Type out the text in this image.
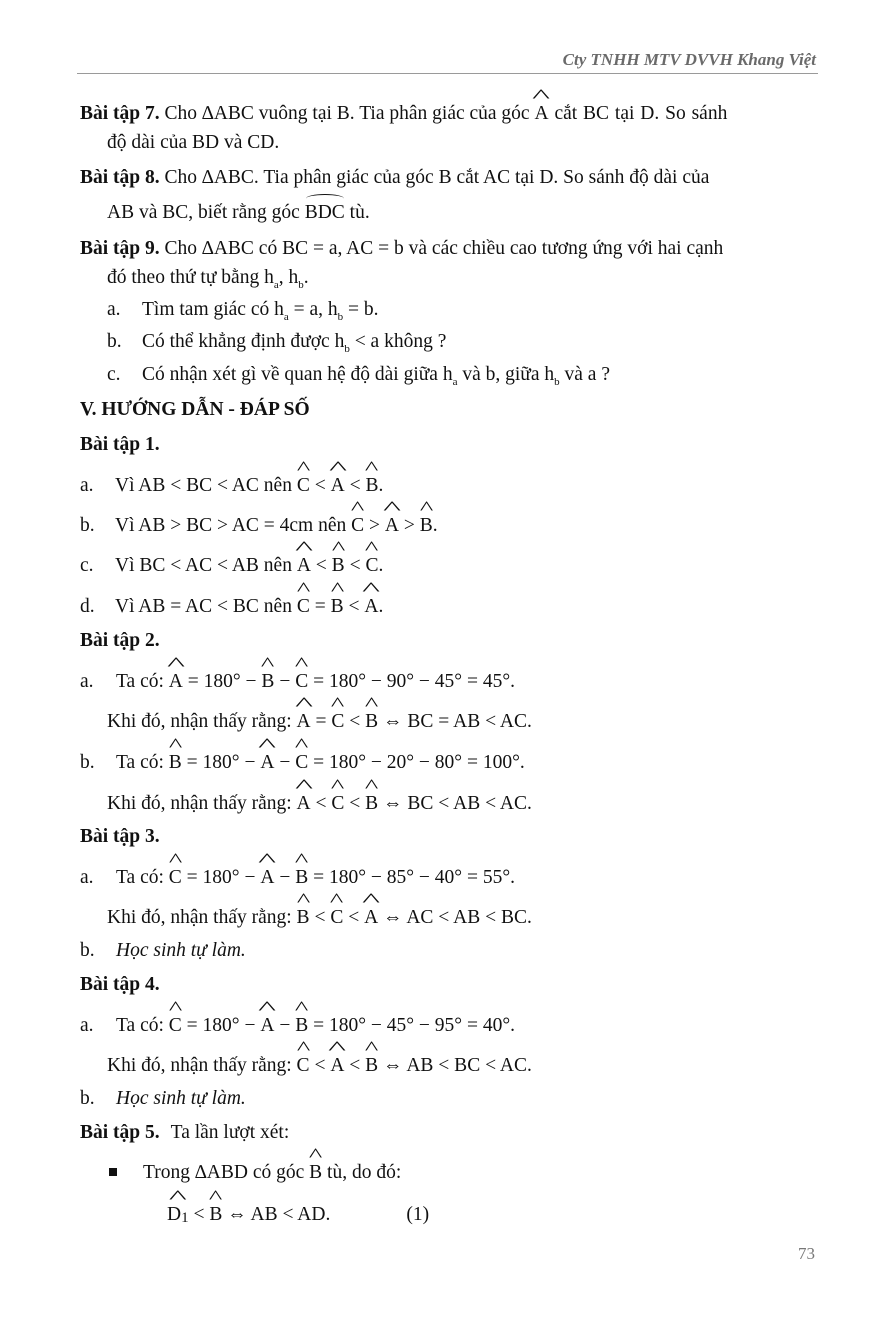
Cty TNHH MTV DVVH Khang Việt
Bài tập 7. Cho ∆ABC vuông tại B. Tia phân giác của góc A ^ cắt BC tại D. So sánh
độ dài của BD và CD.
Bài tập 8. Cho ∆ABC. Tia phân giác của góc B cắt AC tại D. So sánh độ dài của
AB và BC, biết rằng góc BDC tù.
Bài tập 9. Cho ∆ABC có BC = a, AC = b và các chiều cao tương ứng với hai cạnh
đó theo thứ tự bằng $h_a$, $h_b$.
a. Tìm tam giác có $h_a = a$, $h_b = b$.
b. Có thể khẳng định được $h_b < a$ không ?
c. Có nhận xét gì về quan hệ độ dài giữa $h_a$ và b, giữa $h_b$ và a ?
V. HƯỚNG DẪN - ĐÁP SỐ
Bài tập 1.
a. Vì AB < BC < AC nên C ^ < A ^ < B ^.
b. Vì AB > BC > AC = 4cm nên C ^ > A ^ > B ^.
c. Vì BC < AC < AB nên A ^ < B ^ < C ^.
d. Vì AB = AC < BC nên C ^ = B ^ < A ^.
Bài tập 2.
a. Ta có: A ^ = 180° − B ^ − C ^ = 180° − 90° − 45° = 45°.
Khi đó, nhận thấy rằng: A ^ = C ^ < B ^ ⇔ BC = AB < AC.
b. Ta có: B ^ = 180° − A ^ − C ^ = 180° − 20° − 80° = 100°.
Khi đó, nhận thấy rằng: A ^ < C ^ < B ^ ⇔ BC < AB < AC.
Bài tập 3.
a. Ta có: C ^ = 180° − A ^ − B ^ = 180° − 85° − 40° = 55°.
Khi đó, nhận thấy rằng: B ^ < C ^ < A ^ ⇔ AC < AB < BC.
b. Học sinh tự làm.
Bài tập 4.
a. Ta có: C ^ = 180° − A ^ − B ^ = 180° − 45° − 95° = 40°.
Khi đó, nhận thấy rằng: C ^ < A ^ < B ^ ⇔ AB < BC < AC.
b. Học sinh tự làm.
Bài tập 5. Ta lần lượt xét:
Trong ∆ABD có góc B ^ tù, do đó:
D1 ^ < B ^ ⇔ AB < AD.	(1)
73
